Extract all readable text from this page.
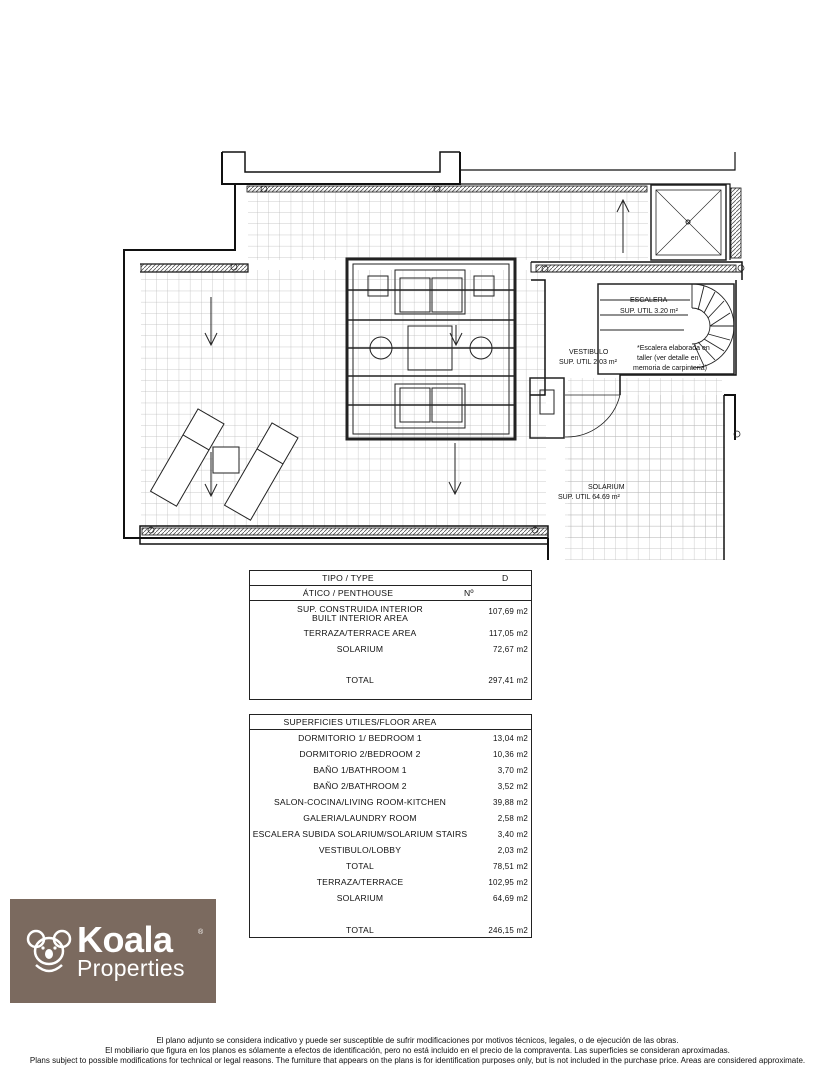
ESCALERA
SUP. UTIL 3.20 m²
VESTIBULO
SUP. UTIL 2.03 m²
*Escalera elaborada en
taller (ver detalle en
memoria de carpinteria)
SOLARIUM
SUP. UTIL 64.69 m²
TIPO / TYPE	D
ÁTICO / PENTHOUSE	Nº
SUP. CONSTRUIDA INTERIOR
BUILT INTERIOR AREA
107,69 m2
TERRAZA/TERRACE AREA	117,05 m2
SOLARIUM	72,67 m2
TOTAL	297,41 m2
SUPERFICIES UTILES/FLOOR AREA
DORMITORIO 1/ BEDROOM 1	13,04 m2
DORMITORIO 2/BEDROOM 2	10,36 m2
BAÑO 1/BATHROOM 1	3,70 m2
BAÑO 2/BATHROOM 2	3,52 m2
SALON-COCINA/LIVING ROOM-KITCHEN	39,88 m2
GALERIA/LAUNDRY ROOM	2,58 m2
ESCALERA SUBIDA SOLARIUM/SOLARIUM STAIRS	3,40 m2
VESTIBULO/LOBBY	2,03 m2
TOTAL	78,51 m2
TERRAZA/TERRACE	102,95 m2
SOLARIUM	64,69 m2
TOTAL	246,15 m2
Koala	®
Properties
El plano adjunto se considera indicativo y puede ser susceptible de sufrir modificaciones por motivos técnicos, legales, o de ejecución de las obras.
El mobiliario que figura en los planos es sólamente a efectos de identificación, pero no está incluido en el precio de la compraventa. Las superficies se consideran aproximadas.
Plans subject to possible modifications for technical or legal reasons. The furniture that appears on the plans is for identification purposes only, but is not included in the purchase price. Areas are considered approximate.
